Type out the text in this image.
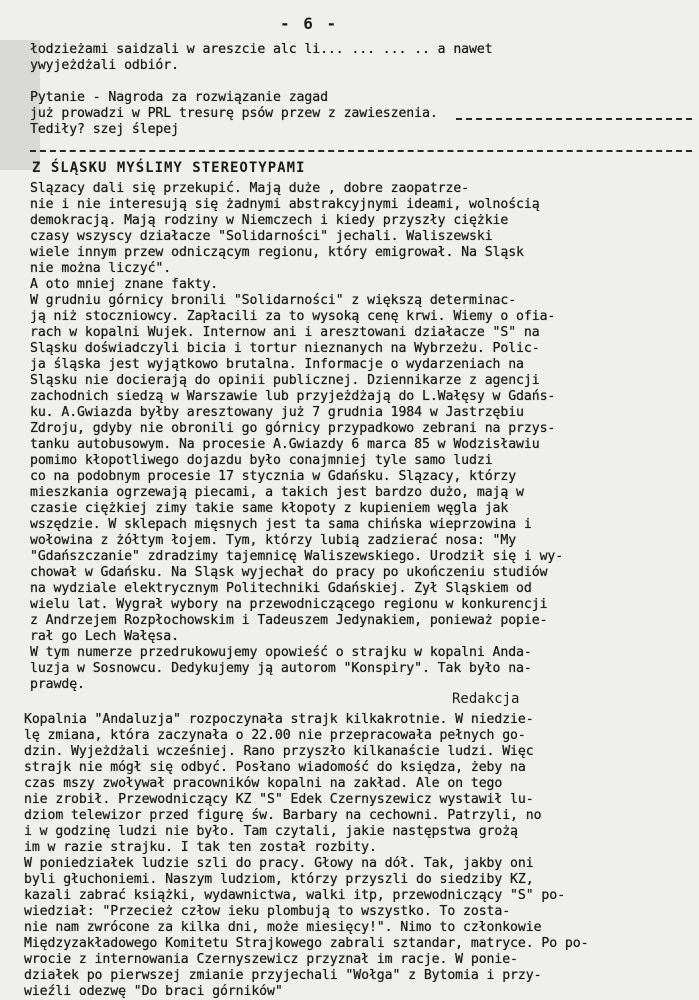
- 6 -
łodzieżami saidzali w areszcie alc li... ... ... .. a nawet
ywyjeżdżali odbiór.
Pytanie - Nagroda za rozwiązanie zagad
już prowadzi w PRL tresurę psów przew z zawieszenia.
Tediły? szej ślepej
Z ŚLĄSKU MYŚLIMY STEREOTYPAMI
Ślązacy dali się przekupić. Mają duże , dobre zaopatrze-
nie i nie interesują się żadnymi abstrakcyjnymi ideami, wolnością
demokracją. Mają rodziny w Niemczech i kiedy przyszły ciężkie
czasy wszyscy działacze "Solidarności" jechali. Waliszewski
wiele innym przew odniczącym regionu, który emigrował. Na Śląsk
nie można liczyć".
A oto mniej znane fakty.
W grudniu górnicy bronili "Solidarności" z większą determinac-
ją niż stoczniowcy. Zapłacili za to wysoką cenę krwi. Wiemy o ofia-
rach w kopalni Wujek. Internow ani i aresztowani działacze "S" na
Śląsku doświadczyli bicia i tortur nieznanych na Wybrzeżu. Polic-
ja śląska jest wyjątkowo brutalna. Informacje o wydarzeniach na
Śląsku nie docierają do opinii publicznej. Dziennikarze z agencji
zachodnich siedzą w Warszawie lub przyjeżdżają do L.Wałęsy w Gdańs-
ku. A.Gwiazda byłby aresztowany już 7 grudnia 1984 w Jastrzębiu
Zdroju, gdyby nie obronili go górnicy przypadkowo zebrani na przys-
tanku autobusowym. Na procesie A.Gwiazdy 6 marca 85 w Wodzisławiu
pomimo kłopotliwego dojazdu było conajmniej tyle samo ludzi
co na podobnym procesie 17 stycznia w Gdańsku. Ślązacy, którzy
mieszkania ogrzewają piecami, a takich jest bardzo dużo, mają w
czasie ciężkiej zimy takie same kłopoty z kupieniem węgla jak
wszędzie. W sklepach mięsnych jest ta sama chińska wieprzowina i
wołowina z żółtym łojem. Tym, którzy lubią zadzierać nosa: "My
"Gdańszczanie" zdradzimy tajemnicę Waliszewskiego. Urodził się i wy-
chował w Gdańsku. Na Śląsk wyjechał do pracy po ukończeniu studiów
na wydziale elektrycznym Politechniki Gdańskiej. Żył Śląskiem od
wielu lat. Wygrał wybory na przewodniczącego regionu w konkurencji
z Andrzejem Rozpłochowskim i Tadeuszem Jedynakiem, ponieważ popie-
rał go Lech Wałęsa.
W tym numerze przedrukowujemy opowieść o strajku w kopalni Anda-
luzja w Sosnowcu. Dedykujemy ją autorom "Konspiry". Tak było na-
prawdę.
Redakcja
Kopalnia "Andaluzja" rozpoczynała strajk kilkakrotnie. W niedzie-
lę zmiana, która zaczynała o 22.00 nie przepracowała pełnych go-
dzin. Wyjeżdżali wcześniej. Rano przyszło kilkanaście ludzi. Więc
strajk nie mógł się odbyć. Posłano wiadomość do księdza, żeby na
czas mszy zwoływał pracowników kopalni na zakład. Ale on tego
nie zrobił. Przewodniczący KZ "S" Edek Czernyszewicz wystawił lu-
dziom telewizor przed figurę św. Barbary na cechowni. Patrzyli, no
i w godzinę ludzi nie było. Tam czytali, jakie następstwa grożą
im w razie strajku. I tak ten został rozbity.
W poniedziałek ludzie szli do pracy. Głowy na dół. Tak, jakby oni
byli głuchoniemi. Naszym ludziom, którzy przyszli do siedziby KZ,
kazali zabrać książki, wydawnictwa, walki itp, przewodniczący "S" po-
wiedział: "Przecież człow ieku plombują to wszystko. To zosta-
nie nam zwrócone za kilka dni, może miesięcy!". Nimo to członkowie
Międzyzakładowego Komitetu Strajkowego zabrali sztandar, matryce. Po po-
wrocie z internowania Czernyszewicz przyznał im racje. W ponie-
działek po pierwszej zmianie przyjechali "Wołga" z Bytomia i przy-
wieźli odezwę "Do braci górników"
